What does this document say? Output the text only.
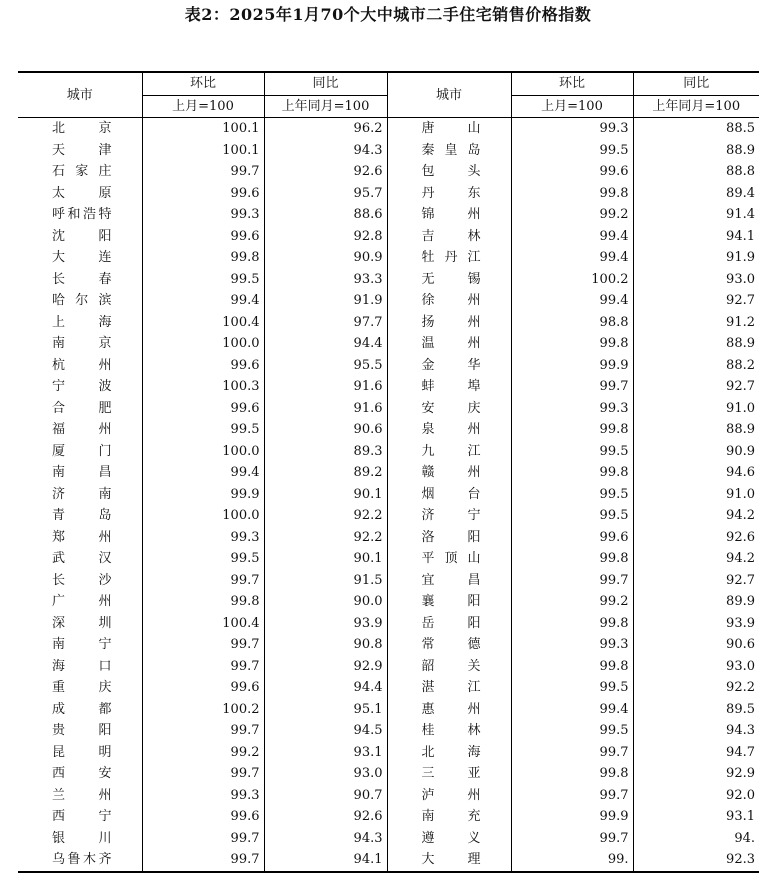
表2：2025年1月70个大中城市二手住宅销售价格指数
城市	环比	同比	城市	环比	同比
	上月=100	上年同月=100		上月=100	上年同月=100
北京	100.1	96.2	唐山	99.3	88.5
天津	100.1	94.3	秦皇岛	99.5	88.9
石家庄	99.7	92.6	包头	99.6	88.8
太原	99.6	95.7	丹东	99.8	89.4
呼和浩特	99.3	88.6	锦州	99.2	91.4
沈阳	99.6	92.8	吉林	99.4	94.1
大连	99.8	90.9	牡丹江	99.4	91.9
长春	99.5	93.3	无锡	100.2	93.0
哈尔滨	99.4	91.9	徐州	99.4	92.7
上海	100.4	97.7	扬州	98.8	91.2
南京	100.0	94.4	温州	99.8	88.9
杭州	99.6	95.5	金华	99.9	88.2
宁波	100.3	91.6	蚌埠	99.7	92.7
合肥	99.6	91.6	安庆	99.3	91.0
福州	99.5	90.6	泉州	99.8	88.9
厦门	100.0	89.3	九江	99.5	90.9
南昌	99.4	89.2	赣州	99.8	94.6
济南	99.9	90.1	烟台	99.5	91.0
青岛	100.0	92.2	济宁	99.5	94.2
郑州	99.3	92.2	洛阳	99.6	92.6
武汉	99.5	90.1	平顶山	99.8	94.2
长沙	99.7	91.5	宜昌	99.7	92.7
广州	99.8	90.0	襄阳	99.2	89.9
深圳	100.4	93.9	岳阳	99.8	93.9
南宁	99.7	90.8	常德	99.3	90.6
海口	99.7	92.9	韶关	99.8	93.0
重庆	99.6	94.4	湛江	99.5	92.2
成都	100.2	95.1	惠州	99.4	89.5
贵阳	99.7	94.5	桂林	99.5	94.3
昆明	99.2	93.1	北海	99.7	94.7
西安	99.7	93.0	三亚	99.8	92.9
兰州	99.3	90.7	泸州	99.7	92.0
西宁	99.6	92.6	南充	99.9	93.1
银川	99.7	94.3	遵义	99.7	94.
乌鲁木齐	99.7	94.1	大理	99.	92.3
